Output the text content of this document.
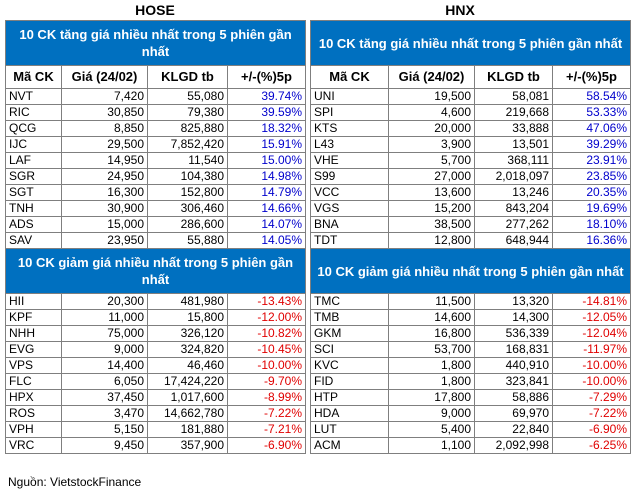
HOSE	HNX
10 CK tăng giá nhiều nhất trong 5 phiên gần nhất			
Mã CK	Giá (24/02)	KLGD tb	+/-(%)5p
NVT	7,420	55,080	39.74%
RIC	30,850	79,380	39.59%
QCG	8,850	825,880	18.32%
IJC	29,500	7,852,420	15.91%
LAF	14,950	11,540	15.00%
SGR	24,950	104,380	14.98%
SGT	16,300	152,800	14.79%
TNH	30,900	306,460	14.66%
ADS	15,000	286,600	14.07%
SAV	23,950	55,880	14.05%
10 CK giảm giá nhiều nhất trong 5 phiên gần nhất			
HII	20,300	481,980	-13.43%
KPF	11,000	15,800	-12.00%
NHH	75,000	326,120	-10.82%
EVG	9,000	324,820	-10.45%
VPS	14,400	46,460	-10.00%
FLC	6,050	17,424,220	-9.70%
HPX	37,450	1,017,600	-8.99%
ROS	3,470	14,662,780	-7.22%
VPH	5,150	181,880	-7.21%
VRC	9,450	357,900	-6.90%
10 CK tăng giá nhiều nhất trong 5 phiên gần nhất			
Mã CK	Giá (24/02)	KLGD tb	+/-(%)5p
UNI	19,500	58,081	58.54%
SPI	4,600	219,668	53.33%
KTS	20,000	33,888	47.06%
L43	3,900	13,501	39.29%
VHE	5,700	368,111	23.91%
S99	27,000	2,018,097	23.85%
VCC	13,600	13,246	20.35%
VGS	15,200	843,204	19.69%
BNA	38,500	277,262	18.10%
TDT	12,800	648,944	16.36%
10 CK giảm giá nhiều nhất trong 5 phiên gần nhất			
TMC	11,500	13,320	-14.81%
TMB	14,600	14,300	-12.05%
GKM	16,800	536,339	-12.04%
SCI	53,700	168,831	-11.97%
KVC	1,800	440,910	-10.00%
FID	1,800	323,841	-10.00%
HTP	17,800	58,886	-7.29%
HDA	9,000	69,970	-7.22%
LUT	5,400	22,840	-6.90%
ACM	1,100	2,092,998	-6.25%
Nguồn: VietstockFinance
